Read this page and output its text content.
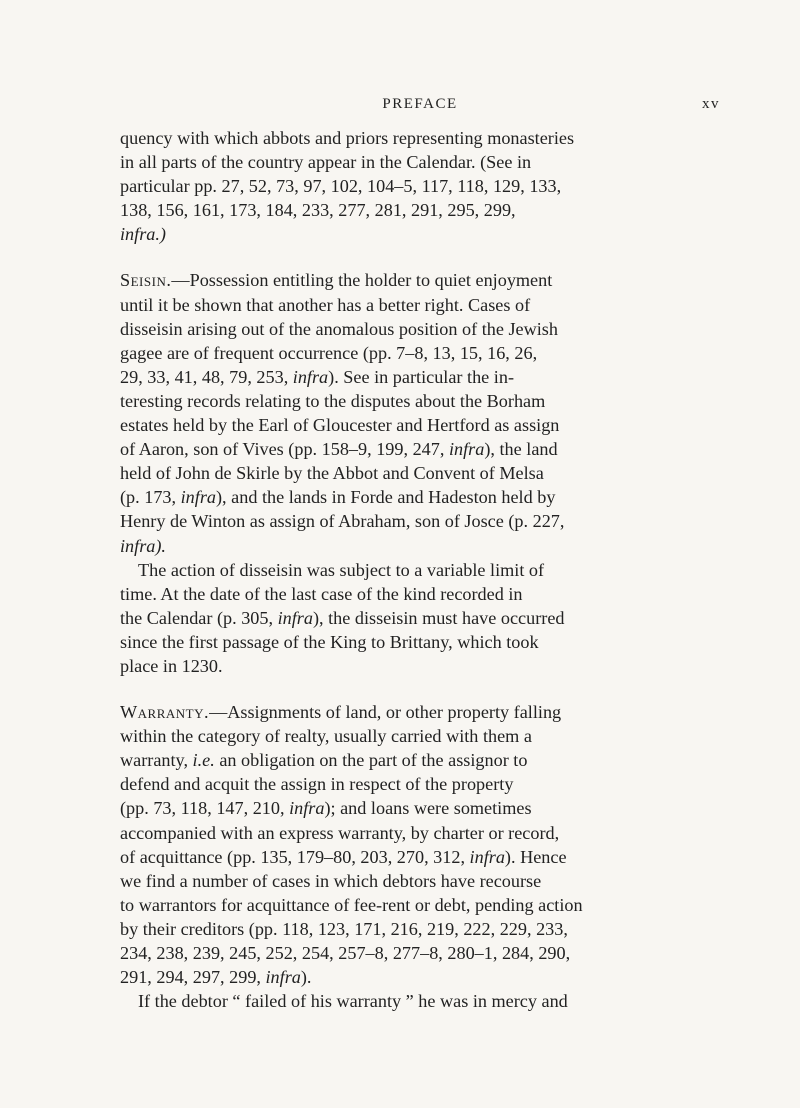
PREFACE	xv

quency with which abbots and priors representing monasteries
in all parts of the country appear in the Calendar. (See in
particular pp. 27, 52, 73, 97, 102, 104–5, 117, 118, 129, 133,
138, 156, 161, 173, 184, 233, 277, 281, 291, 295, 299,
infra.)

Seisin.—Possession entitling the holder to quiet enjoyment
until it be shown that another has a better right. Cases of
disseisin arising out of the anomalous position of the Jewish
gagee are of frequent occurrence (pp. 7–8, 13, 15, 16, 26,
29, 33, 41, 48, 79, 253, infra). See in particular the in-
teresting records relating to the disputes about the Borham
estates held by the Earl of Gloucester and Hertford as assign
of Aaron, son of Vives (pp. 158–9, 199, 247, infra), the land
held of John de Skirle by the Abbot and Convent of Melsa
(p. 173, infra), and the lands in Forde and Hadeston held by
Henry de Winton as assign of Abraham, son of Josce (p. 227,
infra).

The action of disseisin was subject to a variable limit of
time. At the date of the last case of the kind recorded in
the Calendar (p. 305, infra), the disseisin must have occurred
since the first passage of the King to Brittany, which took
place in 1230.

Warranty.—Assignments of land, or other property falling
within the category of realty, usually carried with them a
warranty, i.e. an obligation on the part of the assignor to
defend and acquit the assign in respect of the property
(pp. 73, 118, 147, 210, infra); and loans were sometimes
accompanied with an express warranty, by charter or record,
of acquittance (pp. 135, 179–80, 203, 270, 312, infra). Hence
we find a number of cases in which debtors have recourse
to warrantors for acquittance of fee-rent or debt, pending action
by their creditors (pp. 118, 123, 171, 216, 219, 222, 229, 233,
234, 238, 239, 245, 252, 254, 257–8, 277–8, 280–1, 284, 290,
291, 294, 297, 299, infra).
If the debtor “ failed of his warranty ” he was in mercy and
